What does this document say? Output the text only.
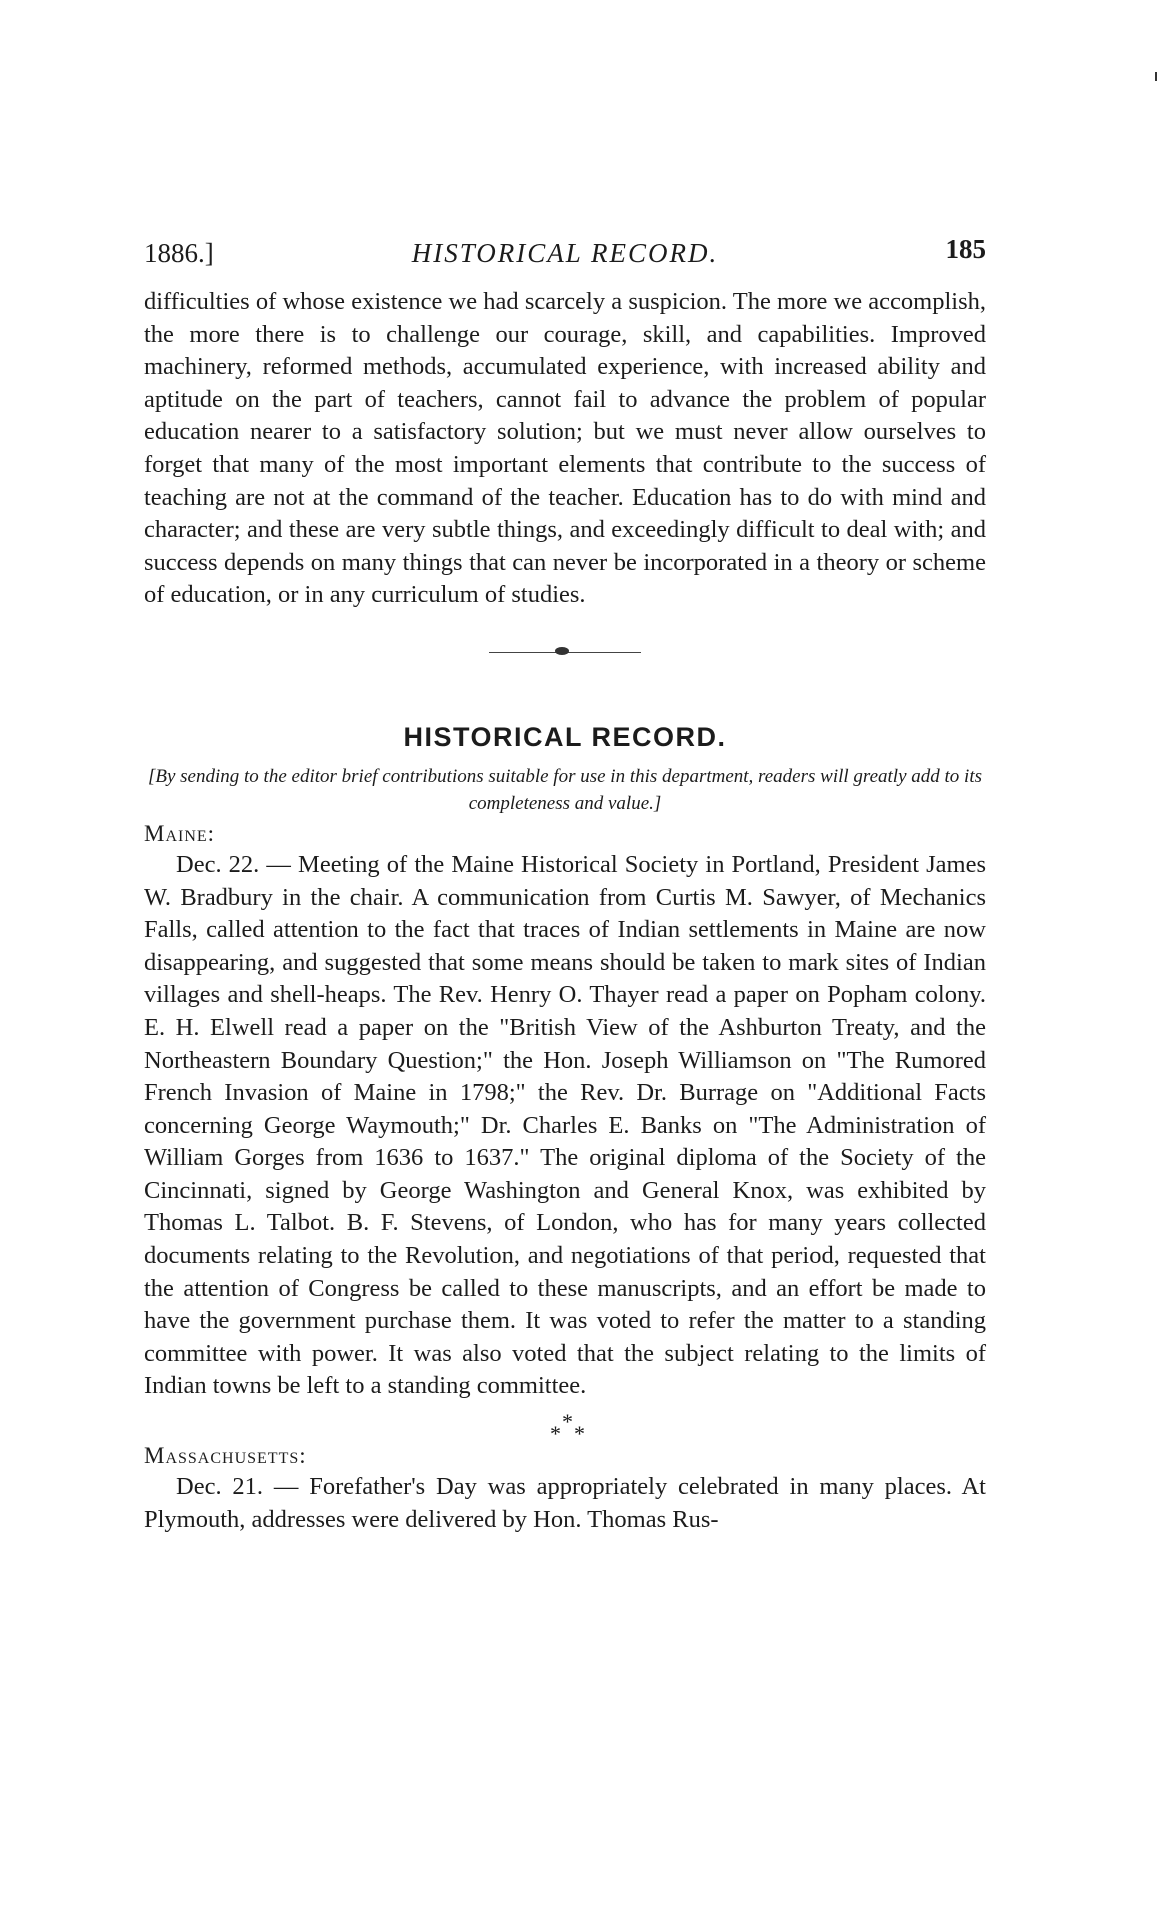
1886.]	HISTORICAL RECORD.	185

difficulties of whose existence we had scarcely a suspicion. The more we accomplish, the more there is to challenge our courage, skill, and capabilities. Improved machinery, reformed methods, accumulated experience, with increased ability and aptitude on the part of teachers, cannot fail to advance the problem of popular education nearer to a satisfactory solution; but we must never allow ourselves to forget that many of the most important elements that contribute to the success of teaching are not at the command of the teacher. Education has to do with mind and character; and these are very subtle things, and exceedingly difficult to deal with; and success depends on many things that can never be incorporated in a theory or scheme of education, or in any curriculum of studies.

HISTORICAL RECORD.

[By sending to the editor brief contributions suitable for use in this department, readers will greatly add to its completeness and value.]

Maine:

Dec. 22. — Meeting of the Maine Historical Society in Portland, President James W. Bradbury in the chair. A communication from Curtis M. Sawyer, of Mechanics Falls, called attention to the fact that traces of Indian settlements in Maine are now disappearing, and suggested that some means should be taken to mark sites of Indian villages and shell-heaps. The Rev. Henry O. Thayer read a paper on Popham colony. E. H. Elwell read a paper on the "British View of the Ashburton Treaty, and the Northeastern Boundary Question;" the Hon. Joseph Williamson on "The Rumored French Invasion of Maine in 1798;" the Rev. Dr. Burrage on "Additional Facts concerning George Waymouth;" Dr. Charles E. Banks on "The Administration of William Gorges from 1636 to 1637." The original diploma of the Society of the Cincinnati, signed by George Washington and General Knox, was exhibited by Thomas L. Talbot. B. F. Stevens, of London, who has for many years collected documents relating to the Revolution, and negotiations of that period, requested that the attention of Congress be called to these manuscripts, and an effort be made to have the government purchase them. It was voted to refer the matter to a standing committee with power. It was also voted that the subject relating to the limits of Indian towns be left to a standing committee.

*
* *
Massachusetts:

Dec. 21. — Forefather's Day was appropriately celebrated in many places. At Plymouth, addresses were delivered by Hon. Thomas Rus-
